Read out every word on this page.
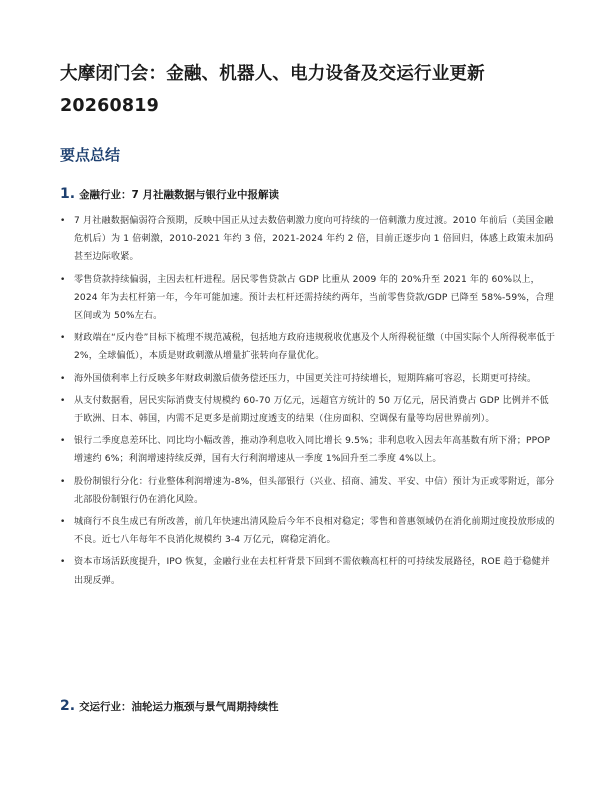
大摩闭门会：金融、机器人、电力设备及交运行业更新
20260819
要点总结
1. 金融行业：7 月社融数据与银行业中报解读
• 7 月社融数据偏弱符合预期，反映中国正从过去数倍刺激力度向可持续的一倍刺激力度过渡。2010 年前后（美国金融危机后）为 1 倍刺激，2010-2021 年约 3 倍，2021-2024 年约 2 倍，目前正逐步向 1 倍回归，体感上政策未加码甚至边际收紧。
• 零售贷款持续偏弱，主因去杠杆进程。居民零售贷款占 GDP 比重从 2009 年的 20%升至 2021 年的 60%以上，2024 年为去杠杆第一年，今年可能加速。预计去杠杆还需持续约两年，当前零售贷款/GDP 已降至 58%-59%，合理区间或为 50%左右。
• 财政端在“反内卷”目标下梳理不规范减税，包括地方政府违规税收优惠及个人所得税征缴（中国实际个人所得税率低于 2%，全球偏低），本质是财政刺激从增量扩张转向存量优化。
• 海外国债利率上行反映多年财政刺激后债务偿还压力，中国更关注可持续增长，短期阵痛可容忍，长期更可持续。
• 从支付数据看，居民实际消费支付规模约 60-70 万亿元，远超官方统计的 50 万亿元，居民消费占 GDP 比例并不低于欧洲、日本、韩国，内需不足更多是前期过度透支的结果（住房面积、空调保有量等均居世界前列）。
• 银行二季度息差环比、同比均小幅改善，推动净利息收入同比增长 9.5%；非利息收入因去年高基数有所下滑；PPOP 增速约 6%；利润增速持续反弹，国有大行利润增速从一季度 1%回升至二季度 4%以上。
• 股份制银行分化：行业整体利润增速为-8%，但头部银行（兴业、招商、浦发、平安、中信）预计为正或零附近，部分北部股份制银行仍在消化风险。
• 城商行不良生成已有所改善，前几年快速出清风险后今年不良相对稳定；零售和普惠领域仍在消化前期过度投放形成的不良。近七八年每年不良消化规模约 3-4 万亿元，腐稳定消化。
• 资本市场活跃度提升，IPO 恢复，金融行业在去杠杆背景下回到不需依赖高杠杆的可持续发展路径，ROE 趋于稳健并出现反弹。
2. 交运行业：油轮运力瓶颈与景气周期持续性
